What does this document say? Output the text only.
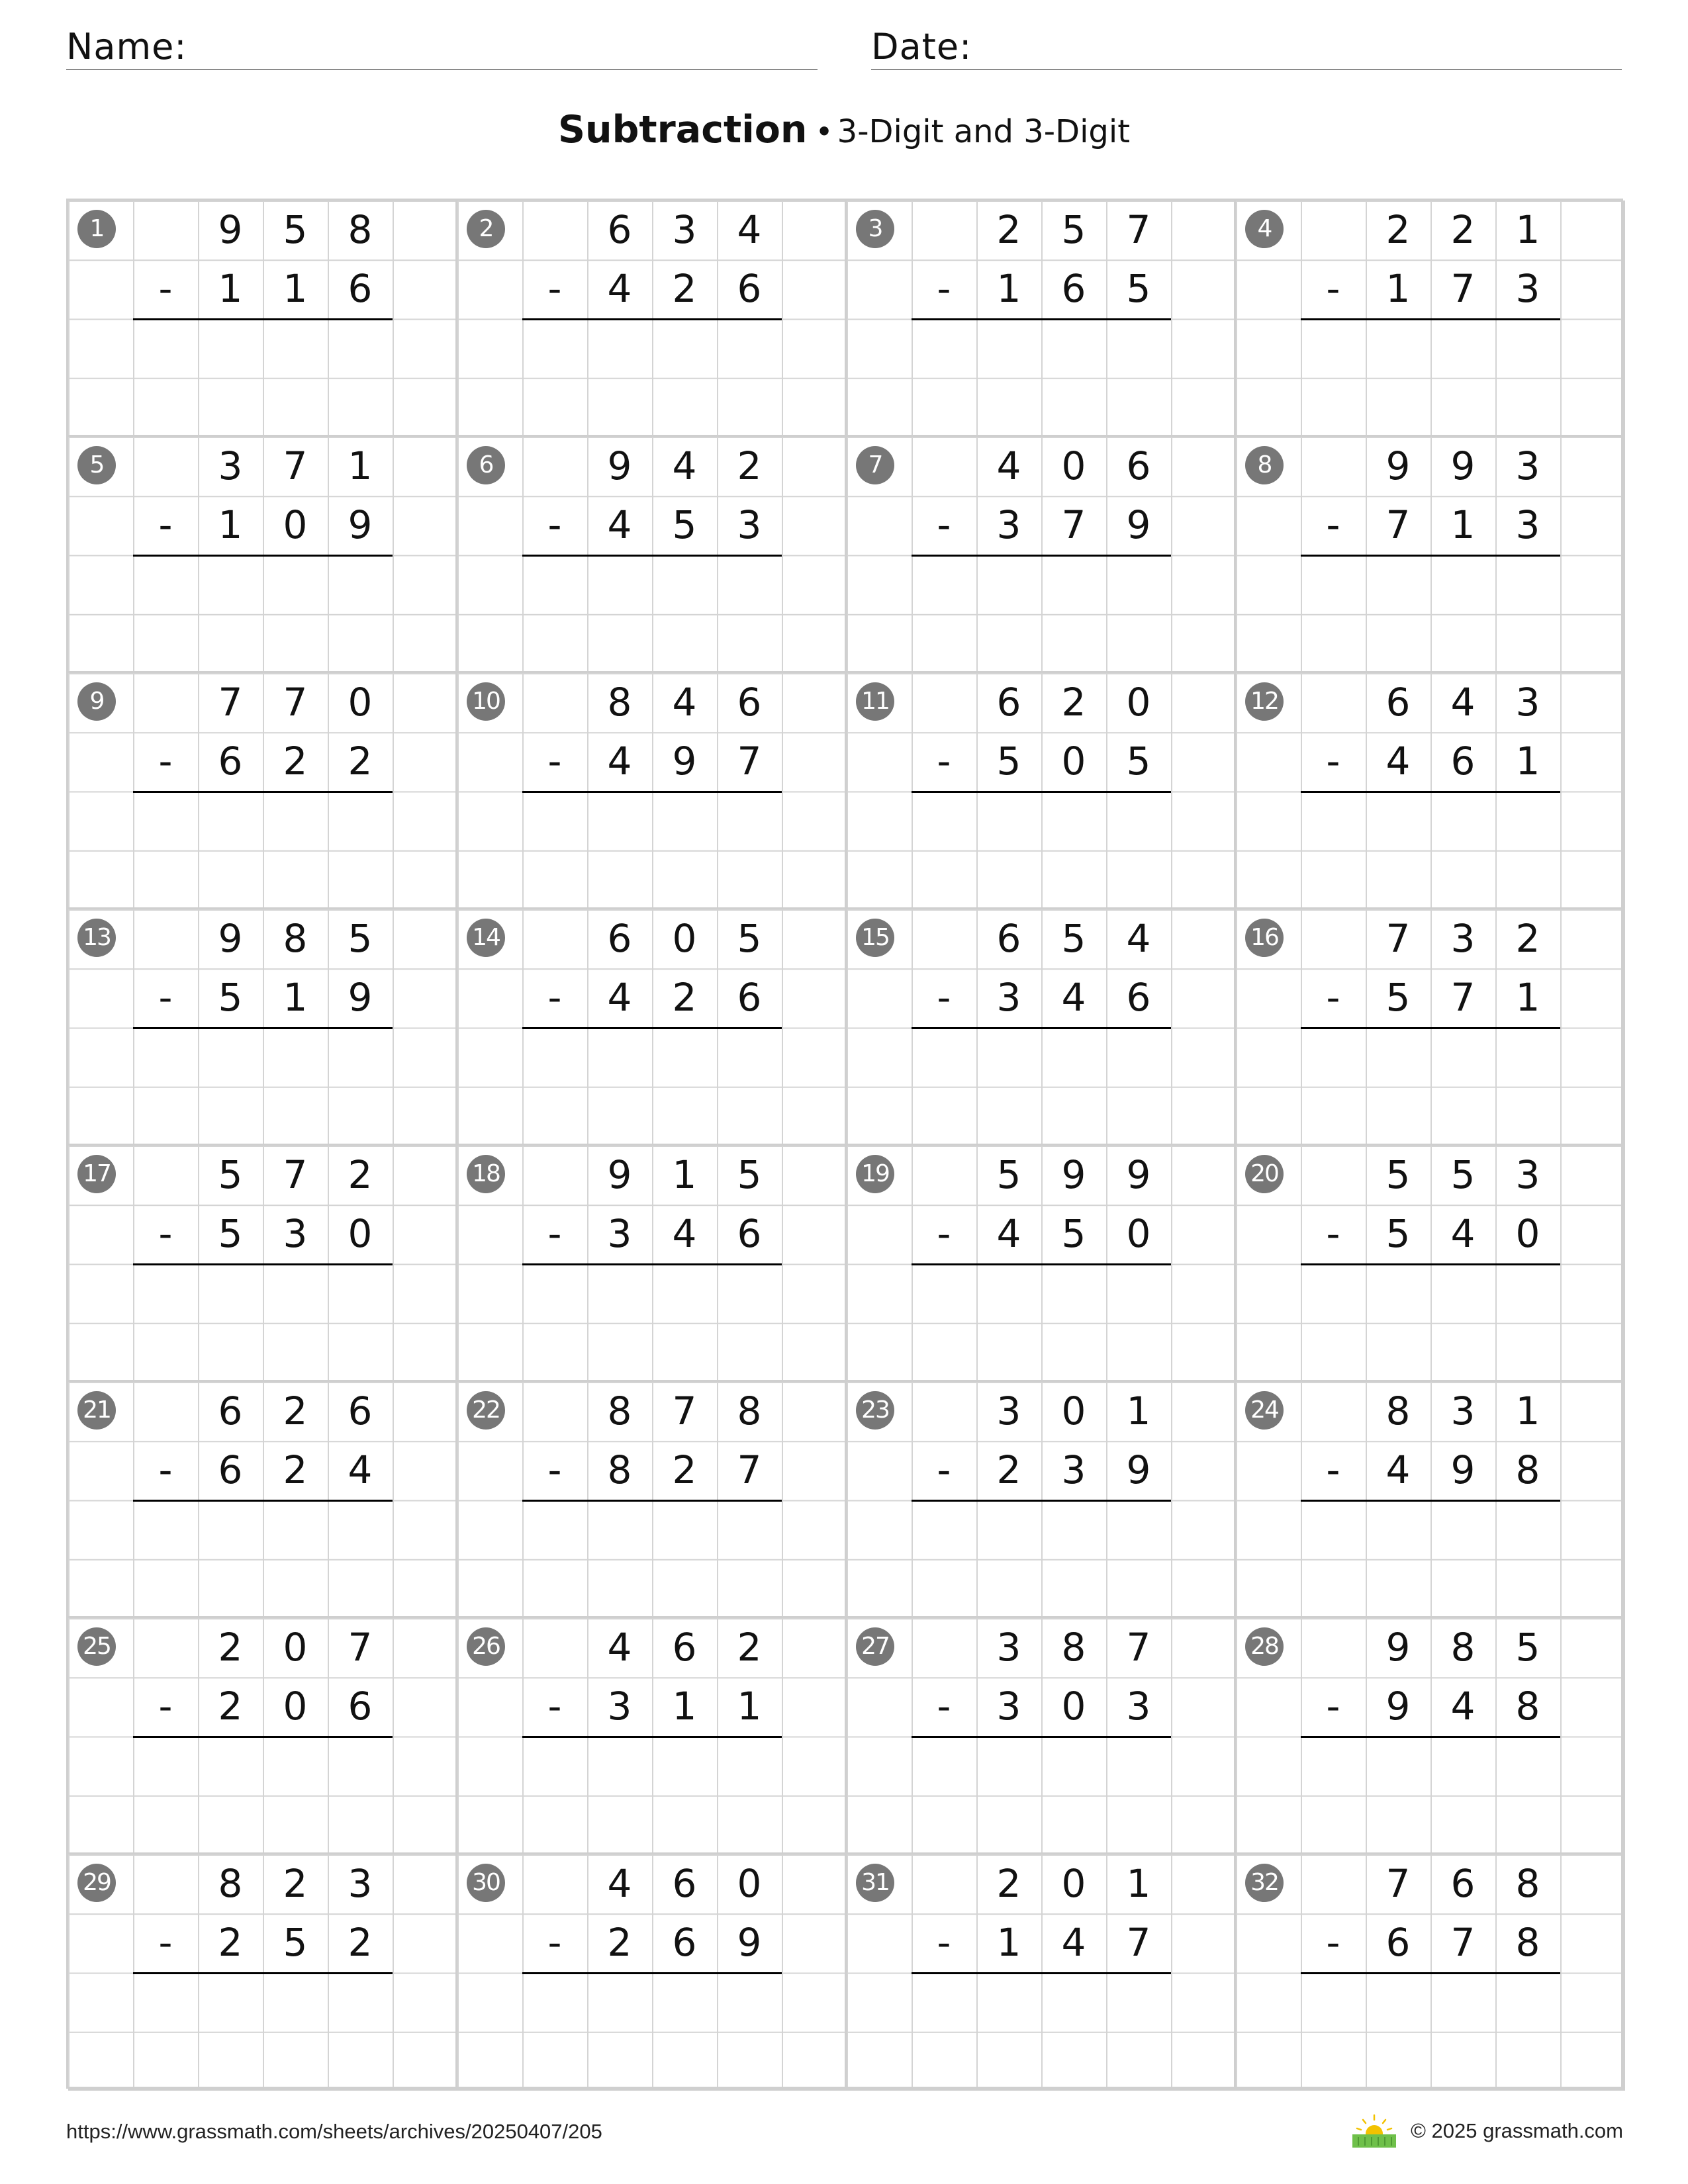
Name:	Date:
Subtraction • 3-Digit and 3-Digit
1	9	5	8
-	1	1	6
2	6	3	4
-	4	2	6
3	2	5	7
-	1	6	5
4	2	2	1
-	1	7	3
5	3	7	1
-	1	0	9
6	9	4	2
-	4	5	3
7	4	0	6
-	3	7	9
8	9	9	3
-	7	1	3
9	7	7	0
-	6	2	2
10	8	4	6
-	4	9	7
11	6	2	0
-	5	0	5
12	6	4	3
-	4	6	1
13	9	8	5
-	5	1	9
14	6	0	5
-	4	2	6
15	6	5	4
-	3	4	6
16	7	3	2
-	5	7	1
17	5	7	2
-	5	3	0
18	9	1	5
-	3	4	6
19	5	9	9
-	4	5	0
20	5	5	3
-	5	4	0
21	6	2	6
-	6	2	4
22	8	7	8
-	8	2	7
23	3	0	1
-	2	3	9
24	8	3	1
-	4	9	8
25	2	0	7
-	2	0	6
26	4	6	2
-	3	1	1
27	3	8	7
-	3	0	3
28	9	8	5
-	9	4	8
29	8	2	3
-	2	5	2
30	4	6	0
-	2	6	9
31	2	0	1
-	1	4	7
32	7	6	8
-	6	7	8
https://www.grassmath.com/sheets/archives/20250407/205	© 2025 grassmath.com
